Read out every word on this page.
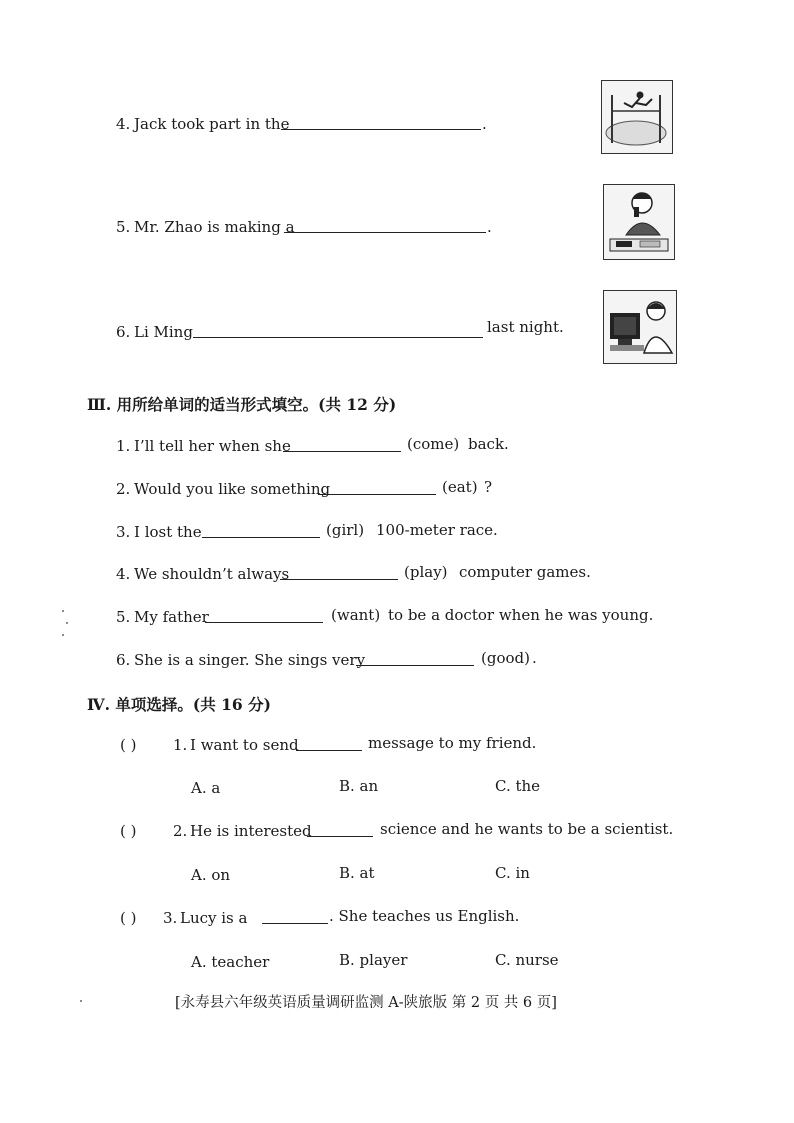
4. Jack took part in the	.
5. Mr. Zhao is making a	.
6. Li Ming	last night.
Ⅲ. 用所给单词的适当形式填空。(共 12 分)
1. I’ll tell her when she	(come) back.
2. Would you like something	(eat) ?
3. I lost the	(girl) 100-meter race.
4. We shouldn’t always	(play) computer games.
5. My father	(want) to be a doctor when he was young.
6. She is a singer. She sings very	(good) .
Ⅳ. 单项选择。(共 16 分)
( ) 1. I want to send	message to my friend.
A. a	B. an	C. the
( ) 2. He is interested	science and he wants to be a scientist.
A. on	B. at	C. in
( ) 3. Lucy is a	. She teaches us English.
A. teacher	B. player	C. nurse
[永寿县六年级英语质量调研监测 A-陕旅版 第 2 页 共 6 页]
